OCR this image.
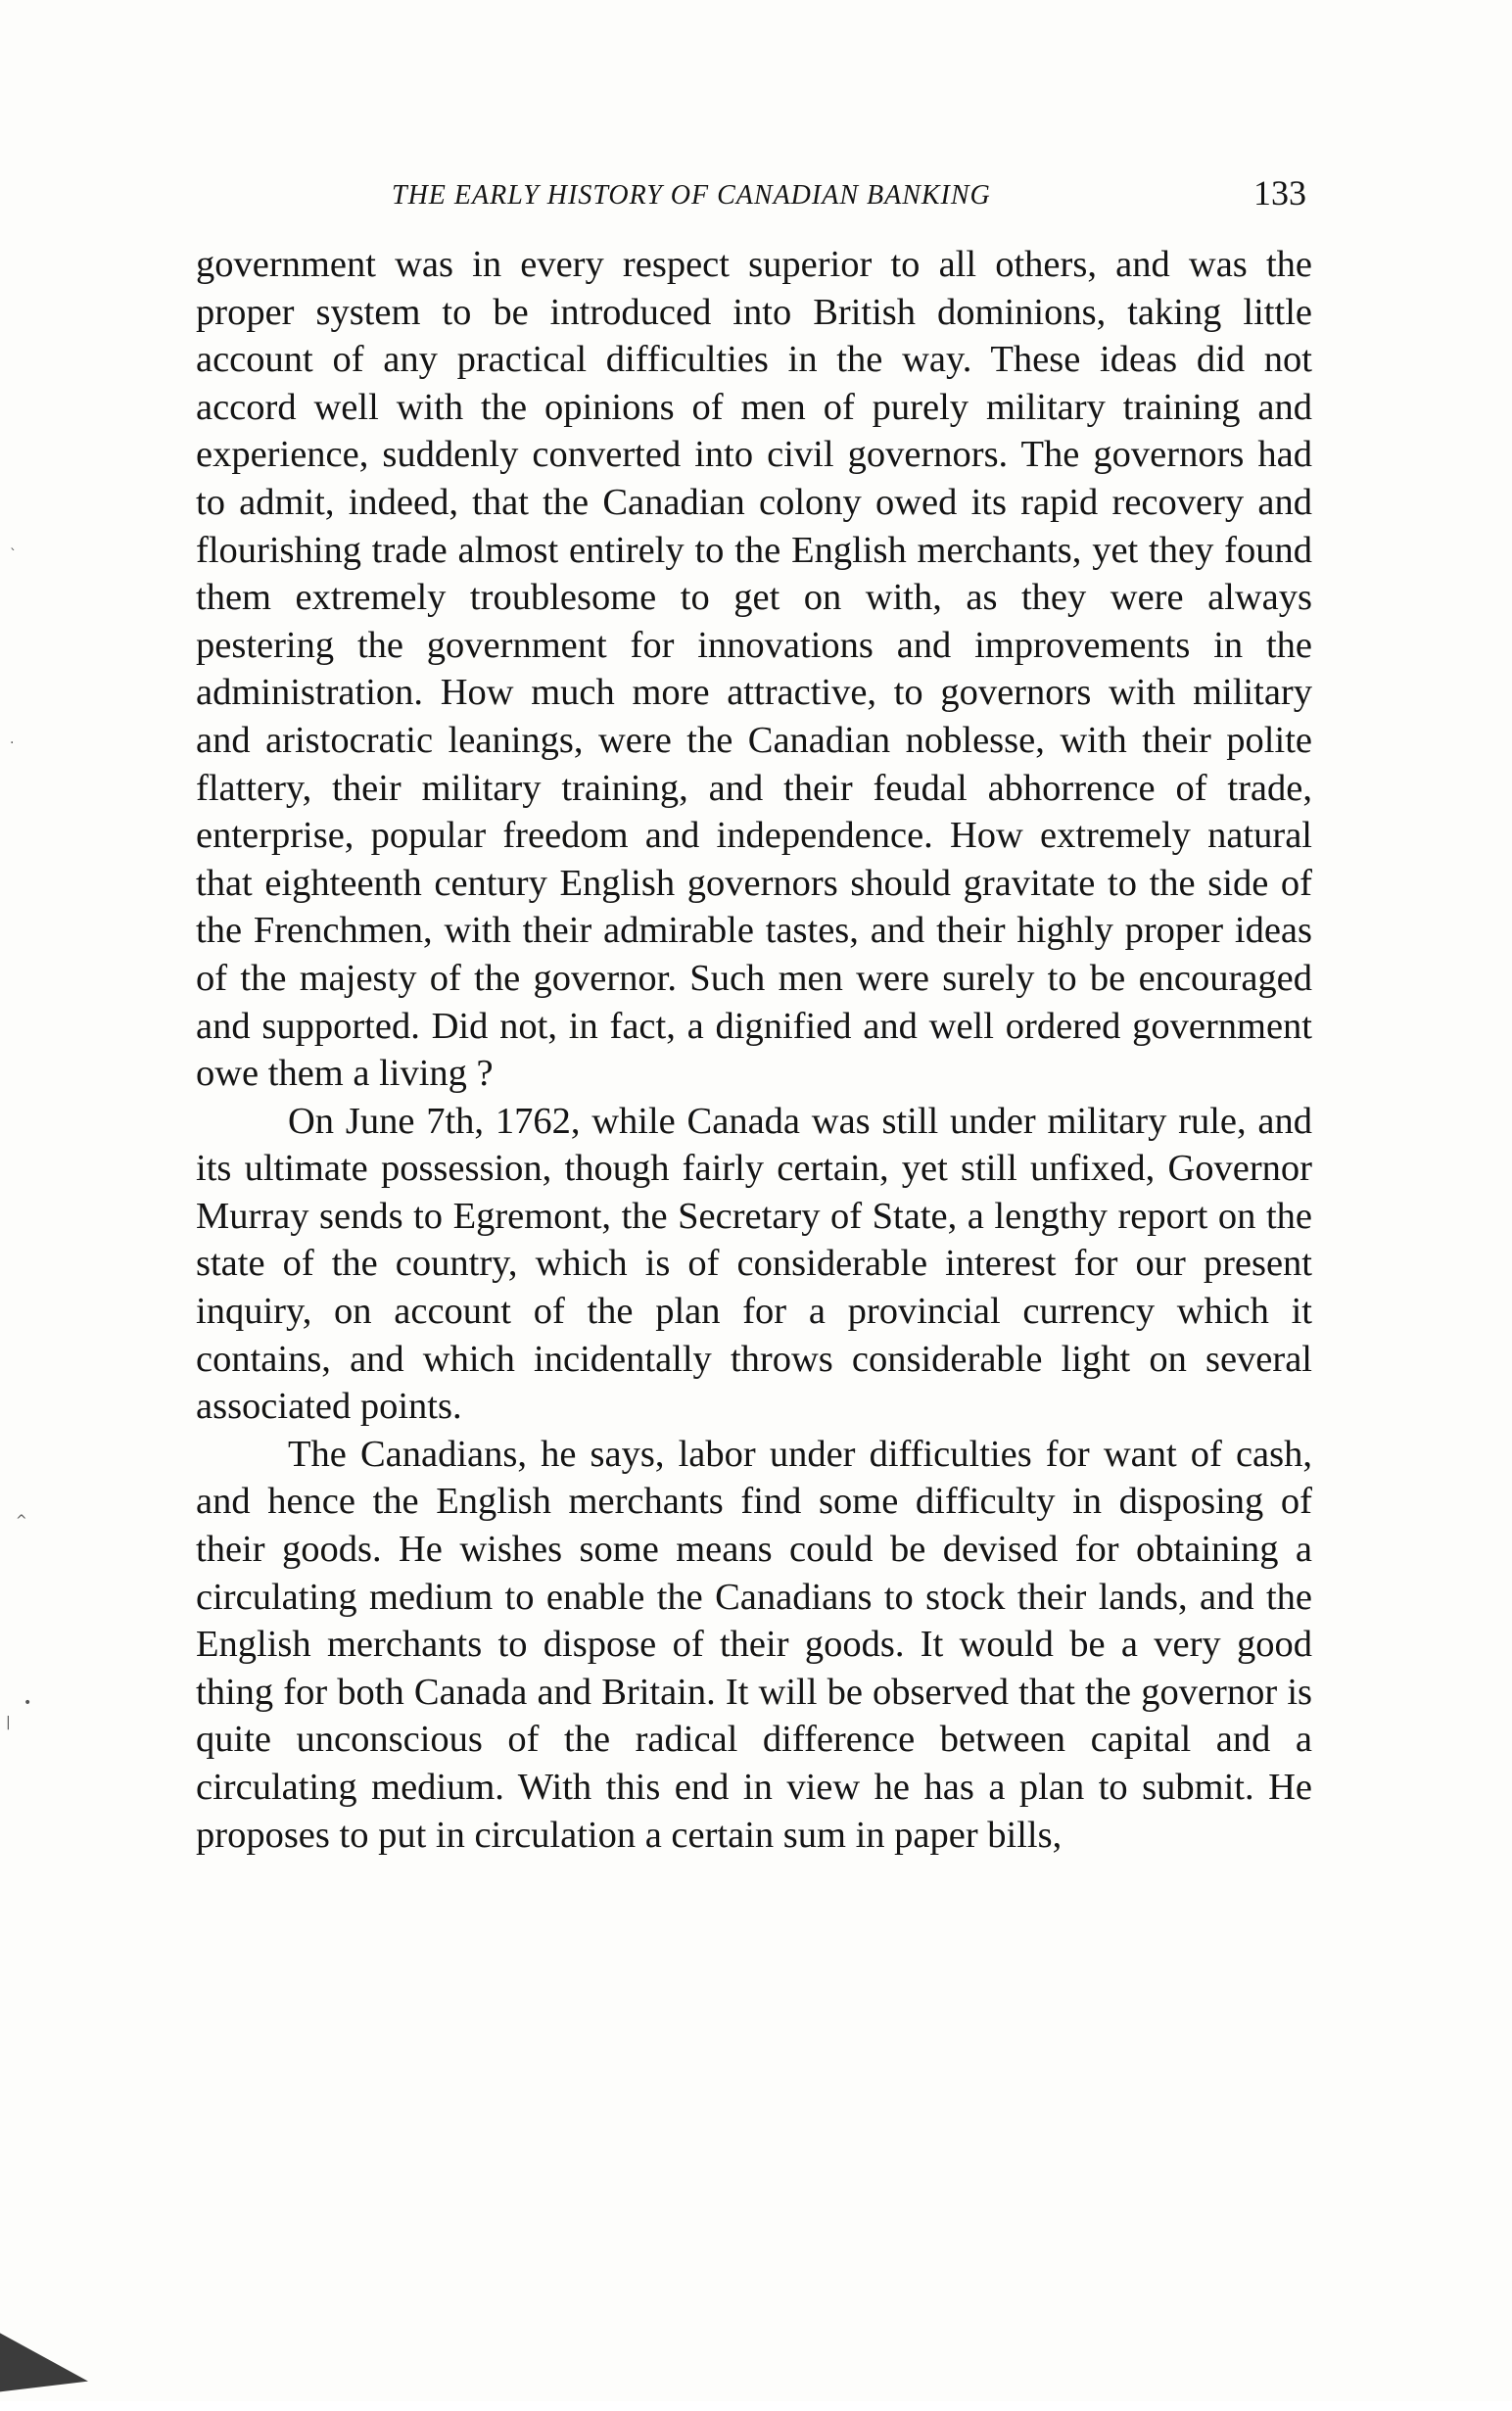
THE EARLY HISTORY OF CANADIAN BANKING	133

government was in every respect superior to all others, and was the proper system to be introduced into British dominions, taking little account of any practical difficulties in the way. These ideas did not accord well with the opinions of men of purely military training and experience, suddenly converted into civil governors. The governors had to admit, indeed, that the Canadian colony owed its rapid recovery and flourishing trade almost entirely to the English merchants, yet they found them extremely troublesome to get on with, as they were always pestering the government for innovations and improvements in the administration. How much more attractive, to governors with military and aristocratic leanings, were the Canadian noblesse, with their polite flattery, their military training, and their feudal abhorrence of trade, enterprise, popular freedom and independence. How extremely natural that eighteenth century English governors should gravitate to the side of the Frenchmen, with their admirable tastes, and their highly proper ideas of the majesty of the governor. Such men were surely to be encouraged and supported. Did not, in fact, a dignified and well ordered government owe them a living ?

On June 7th, 1762, while Canada was still under military rule, and its ultimate possession, though fairly certain, yet still unfixed, Governor Murray sends to Egremont, the Secretary of State, a lengthy report on the state of the country, which is of considerable interest for our present inquiry, on account of the plan for a provincial currency which it contains, and which incidentally throws considerable light on several associated points.

The Canadians, he says, labor under difficulties for want of cash, and hence the English merchants find some difficulty in disposing of their goods. He wishes some means could be devised for obtaining a circulating medium to enable the Canadians to stock their lands, and the English merchants to dispose of their goods. It would be a very good thing for both Canada and Britain. It will be observed that the governor is quite unconscious of the radical difference between capital and a circulating medium. With this end in view he has a plan to submit. He proposes to put in circulation a certain sum in paper bills,

`
·
^
•
|
